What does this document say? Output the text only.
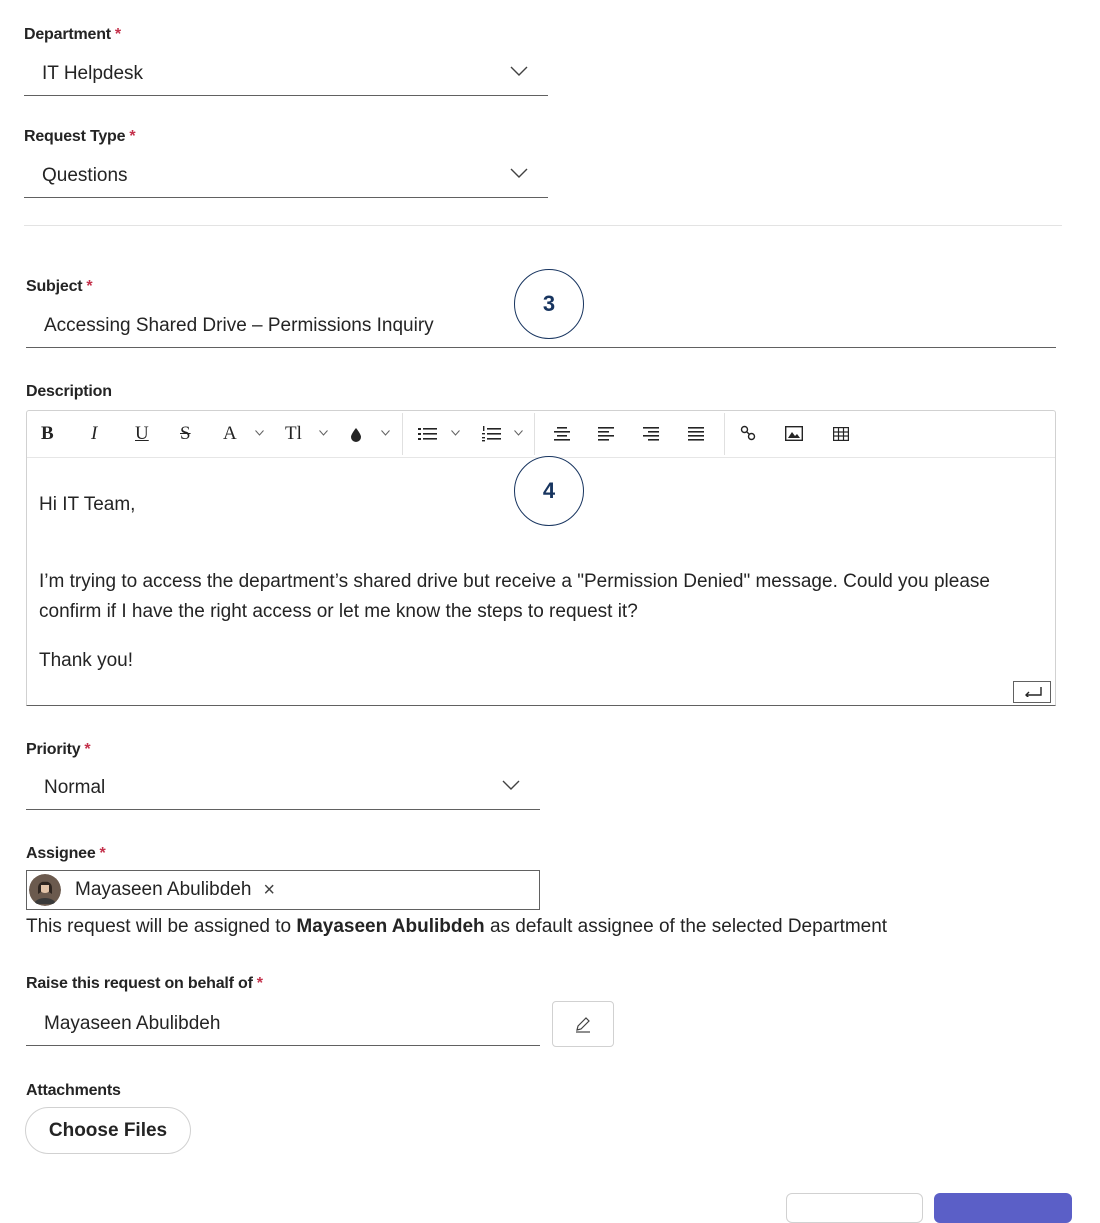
Department *
IT Helpdesk
Request Type *
Questions
Subject *
Accessing Shared Drive – Permissions Inquiry
3
Description
B I U S A	Tl
Hi IT Team,
I’m trying to access the department’s shared drive but receive a "Permission Denied" message. Could you please
confirm if I have the right access or let me know the steps to request it?
Thank you!
4
Priority *
Normal
Assignee *
Mayaseen Abulibdeh ×
This request will be assigned to Mayaseen Abulibdeh as default assignee of the selected Department
Raise this request on behalf of *
Mayaseen Abulibdeh
Attachments
Choose Files
